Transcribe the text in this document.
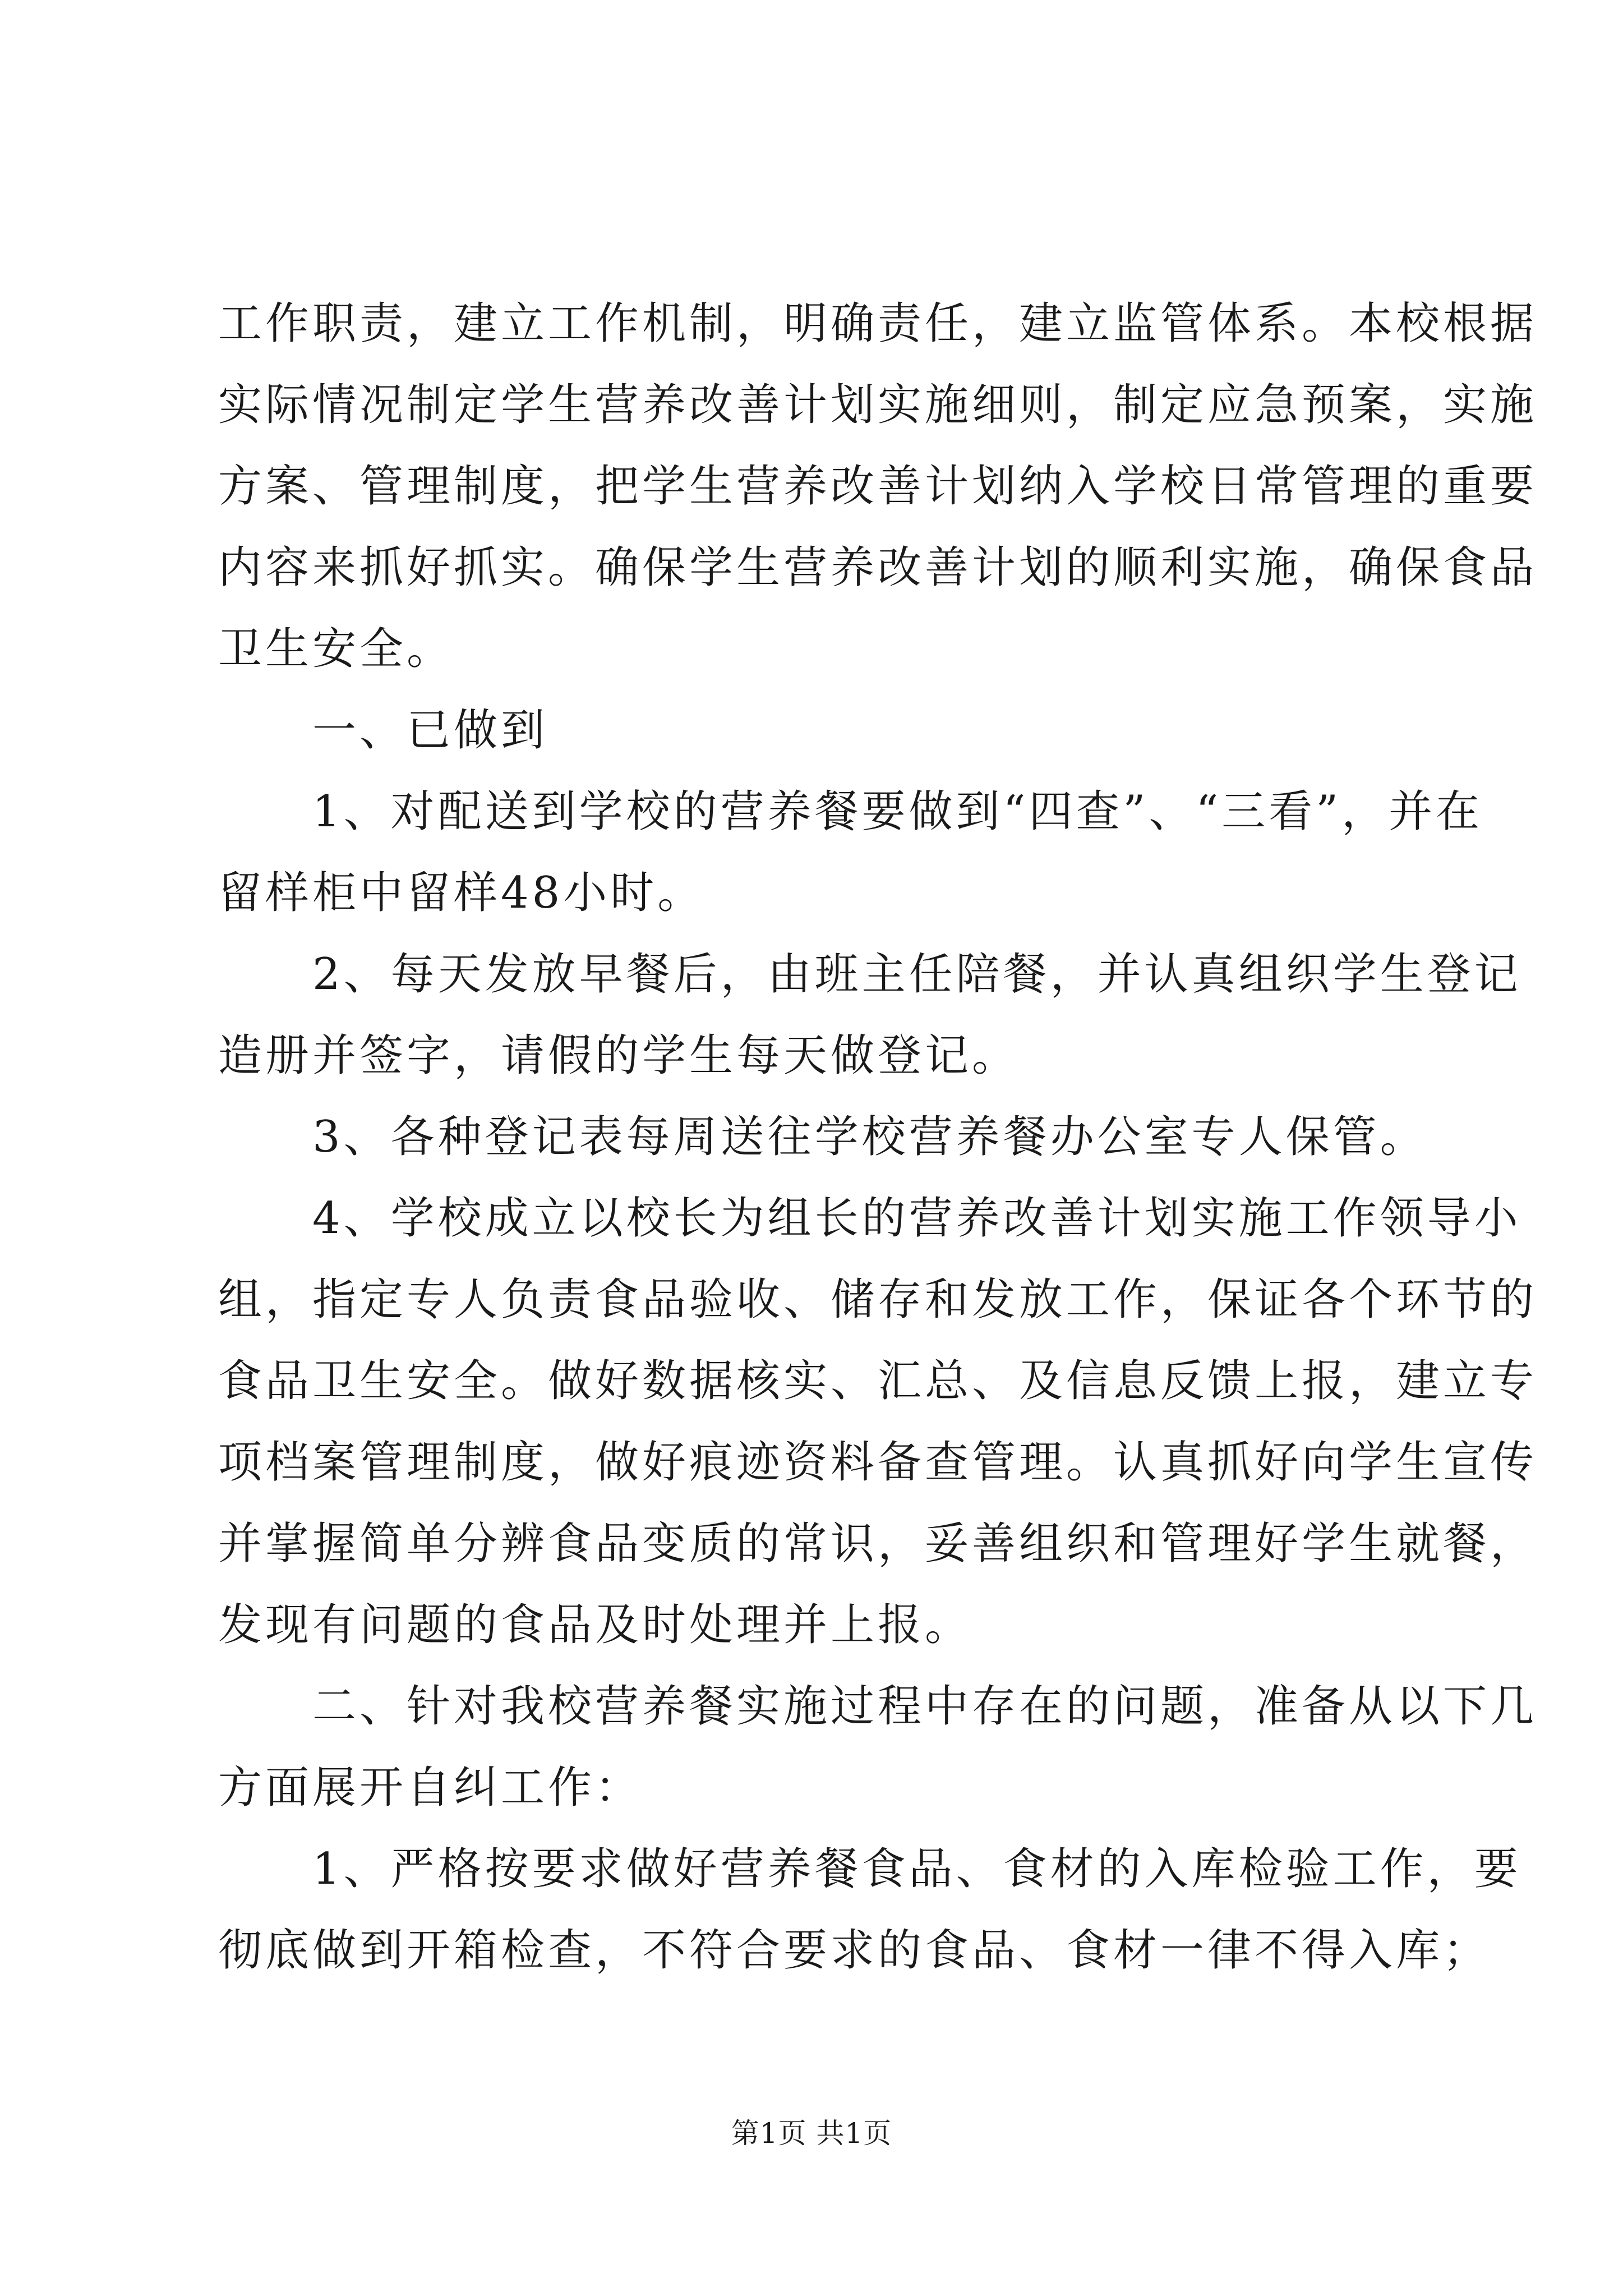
工作职责，建立工作机制，明确责任，建立监管体系。本校根据
实际情况制定学生营养改善计划实施细则，制定应急预案，实施
方案、管理制度，把学生营养改善计划纳入学校日常管理的重要
内容来抓好抓实。确保学生营养改善计划的顺利实施，确保食品
卫生安全。
一、已做到
1、对配送到学校的营养餐要做到“四查”、“三看”，并在
留样柜中留样48小时。
2、每天发放早餐后，由班主任陪餐，并认真组织学生登记
造册并签字，请假的学生每天做登记。
3、各种登记表每周送往学校营养餐办公室专人保管。
4、学校成立以校长为组长的营养改善计划实施工作领导小
组，指定专人负责食品验收、储存和发放工作，保证各个环节的
食品卫生安全。做好数据核实、汇总、及信息反馈上报，建立专
项档案管理制度，做好痕迹资料备查管理。认真抓好向学生宣传
并掌握简单分辨食品变质的常识，妥善组织和管理好学生就餐，
发现有问题的食品及时处理并上报。
二、针对我校营养餐实施过程中存在的问题，准备从以下几
方面展开自纠工作：
1、严格按要求做好营养餐食品、食材的入库检验工作，要
彻底做到开箱检查，不符合要求的食品、食材一律不得入库；
第1页 共1页
